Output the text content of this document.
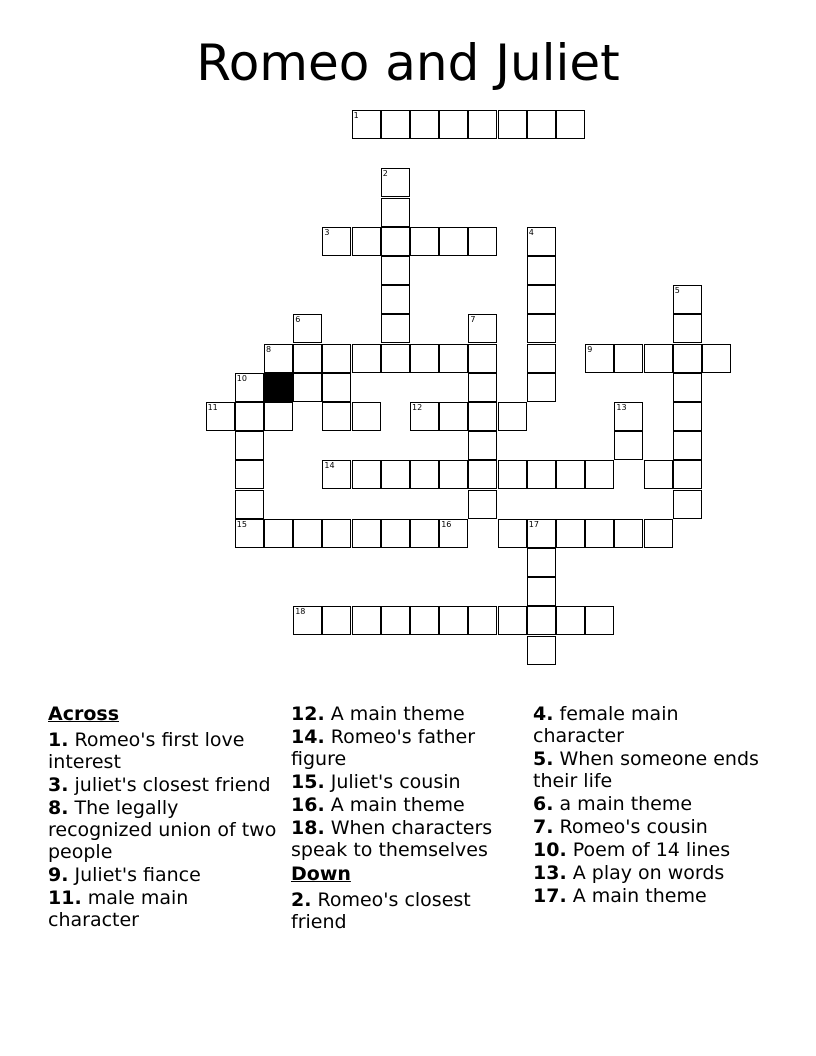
Romeo and Juliet
1
2
3	4
5
6	7
8	9
10
11	12	13
14
15	16	17
18
Across
1. Romeo's first love interest
3. juliet's closest friend
8. The legally recognized union of two people
9. Juliet's fiance
11. male main character
12. A main theme
14. Romeo's father figure
15. Juliet's cousin
16. A main theme
18. When characters speak to themselves
Down
2. Romeo's closest friend
4. female main character
5. When someone ends their life
6. a main theme
7. Romeo's cousin
10. Poem of 14 lines
13. A play on words
17. A main theme
